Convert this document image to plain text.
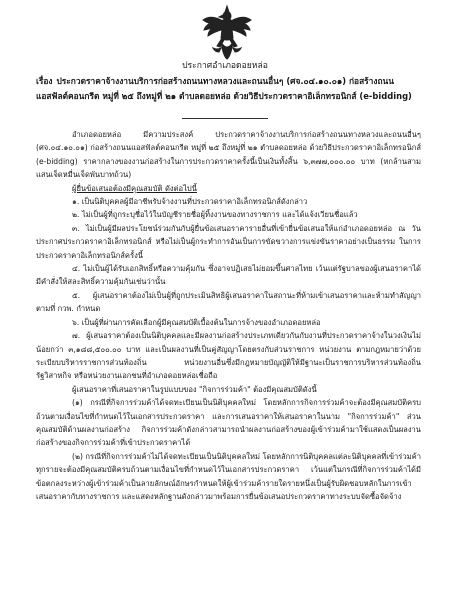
ประกาศอำเภอดอยหล่อ
เรื่อง ประกวดราคาจ้างงานบริการก่อสร้างถนนทางหลวงและถนนอื่นๆ (ศจ.๐๔.๑๐.๐๑) ก่อสร้างถนนแอสฟัลต์คอนกรีต หมู่ที่ ๒๕ ถึงหมู่ที่ ๒๑ ตำบลดอยหล่อ ด้วยวิธีประกวดราคาอิเล็กทรอนิกส์ (e-bidding)

อำเภอดอยหล่อ มีความประสงค์ ประกวดราคาจ้างงานบริการก่อสร้างถนนทางหลวงและถนนอื่นๆ (ศจ.๐๔.๑๐.๐๑) ก่อสร้างถนนแอสฟัลต์คอนกรีต หมู่ที่ ๒๕ ถึงหมู่ที่ ๒๑ ตำบลดอยหล่อ ด้วยวิธีประกวดราคาอิเล็กทรอนิกส์ (e-bidding) ราคากลางของงานก่อสร้างในการประกวดราคาครั้งนี้เป็นเงินทั้งสิ้น ๖,๓๗๗,๐๐๐.๐๐ บาท (หกล้านสามแสนเจ็ดหมื่นเจ็ดพันบาทถ้วน)

ผู้ยื่นข้อเสนอต้องมีคุณสมบัติ ดังต่อไปนี้

๑. เป็นนิติบุคคลผู้มีอาชีพรับจ้างงานที่ประกวดราคาอิเล็กทรอนิกส์ดังกล่าว

๒. ไม่เป็นผู้ที่ถูกระบุชื่อไว้ในบัญชีรายชื่อผู้ทิ้งงานของทางราชการ และได้แจ้งเวียนชื่อแล้ว

๓. ไม่เป็นผู้มีผลประโยชน์ร่วมกันกับผู้ยื่นข้อเสนอราคารายอื่นที่เข้ายื่นข้อเสนอให้แก่อำเภอดอยหล่อ ณ วันประกาศประกวดราคาอิเล็กทรอนิกส์ หรือไม่เป็นผู้กระทำการอันเป็นการขัดขวางการแข่งขันราคาอย่างเป็นธรรม ในการประกวดราคาอิเล็กทรอนิกส์ครั้งนี้

๔. ไม่เป็นผู้ได้รับเอกสิทธิ์หรือความคุ้มกัน ซึ่งอาจปฏิเสธไม่ยอมขึ้นศาลไทย เว้นแต่รัฐบาลของผู้เสนอราคาได้มีคำสั่งให้สละสิทธิ์ความคุ้มกันเช่นว่านั้น

๕. ผู้เสนอราคาต้องไม่เป็นผู้ที่ถูกประเมินสิทธิผู้เสนอราคาในสถานะที่ห้ามเข้าเสนอราคาและห้ามทำสัญญาตามที่ กวพ. กำหนด

๖. เป็นผู้ที่ผ่านการคัดเลือกผู้มีคุณสมบัติเบื้องต้นในการจ้างของอำเภอดอยหล่อ

๗. ผู้เสนอราคาต้องเป็นนิติบุคคลและมีผลงานก่อสร้างประเภทเดียวกันกับงานที่ประกวดราคาจ้างในวงเงินไม่น้อยกว่า ๓,๑๘๘,๕๐๐.๐๐ บาท และเป็นผลงานที่เป็นคู่สัญญาโดยตรงกับส่วนราชการ หน่วยงาน ตามกฎหมายว่าด้วยระเบียบบริหารราชการส่วนท้องถิ่น หน่วยงานอื่นซึ่งมีกฎหมายบัญญัติให้มีฐานะเป็นราชการบริหารส่วนท้องถิ่น รัฐวิสาหกิจ หรือหน่วยงานเอกชนที่อำเภอดอยหล่อเชื่อถือ

ผู้เสนอราคาที่เสนอราคาในรูปแบบของ "กิจการร่วมค้า" ต้องมีคุณสมบัติดังนี้

(๑) กรณีที่กิจการร่วมค้าได้จดทะเบียนเป็นนิติบุคคลใหม่ โดยหลักการกิจการร่วมค้าจะต้องมีคุณสมบัติครบถ้วนตามเงื่อนไขที่กำหนดไว้ในเอกสารประกวดราคา และการเสนอราคาให้เสนอราคาในนาม "กิจการร่วมค้า" ส่วนคุณสมบัติด้านผลงานก่อสร้าง กิจการร่วมค้าดังกล่าวสามารถนำผลงานก่อสร้างของผู้เข้าร่วมค้ามาใช้แสดงเป็นผลงานก่อสร้างของกิจการร่วมค้าที่เข้าประกวดราคาได้

(๒) กรณีที่กิจการร่วมค้าไม่ได้จดทะเบียนเป็นนิติบุคคลใหม่ โดยหลักการนิติบุคคลแต่ละนิติบุคคลที่เข้าร่วมค้าทุกรายจะต้องมีคุณสมบัติครบถ้วนตามเงื่อนไขที่กำหนดไว้ในเอกสารประกวดราคา เว้นแต่ในกรณีที่กิจการร่วมค้าได้มีข้อตกลงระหว่างผู้เข้าร่วมค้าเป็นลายลักษณ์อักษรกำหนดให้ผู้เข้าร่วมค้ารายใดรายหนึ่งเป็นผู้รับผิดชอบหลักในการเข้าเสนอราคากับทางราชการ และแสดงหลักฐานดังกล่าวมาพร้อมการยื่นข้อเสนอประกวดราคาทางระบบจัดซื้อจัดจ้าง
